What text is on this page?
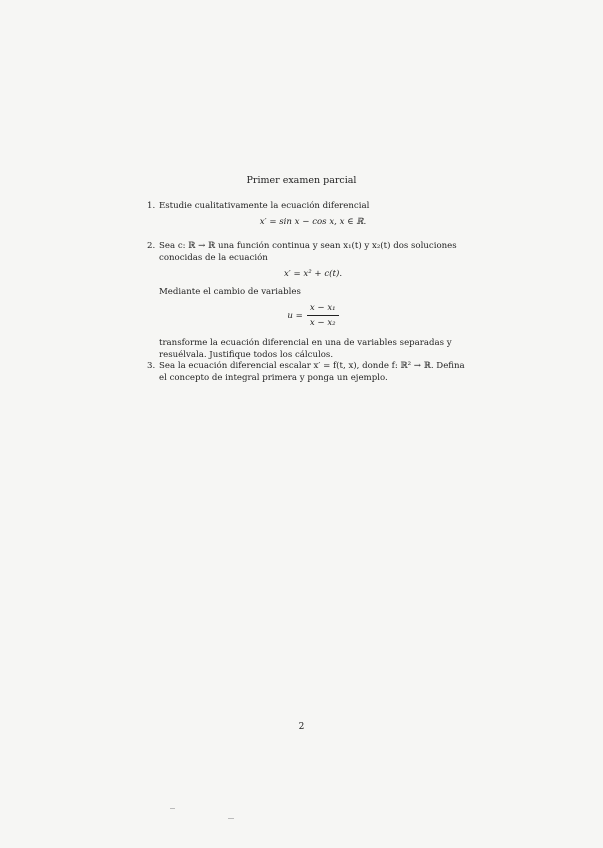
Primer examen parcial
1. Estudie cualitativamente la ecuación diferencial
x′ = sin x − cos x, x ∈ ℝ.
2. Sea c: ℝ → ℝ una función continua y sean x₁(t) y x₂(t) dos soluciones conocidas de la ecuación
x′ = x² + c(t).
Mediante el cambio de variables
$u = \frac{\text{x − x₁}}{\text{x − x₂}}$
transforme la ecuación diferencial en una de variables separadas y resuélvala. Justifique todos los cálculos.
3. Sea la ecuación diferencial escalar x′ = f(t, x), donde f: ℝ² → ℝ. Defina el concepto de integral primera y ponga un ejemplo.
2
